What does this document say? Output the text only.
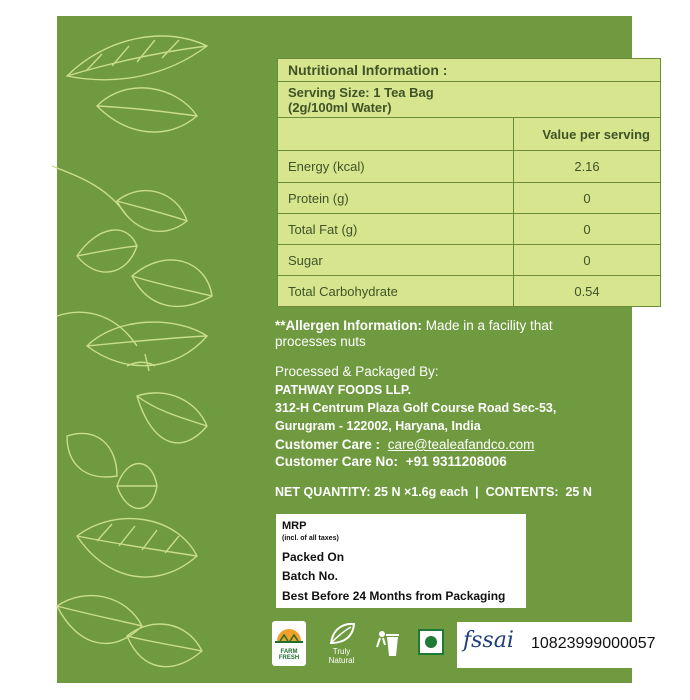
Nutritional Information :	
Serving Size: 1 Tea Bag
(2g/100ml Water)	
	Value per serving
Energy (kcal)	2.16
Protein (g)	0
Total Fat (g)	0
Sugar	0
Total Carbohydrate	0.54
**Allergen Information: Made in a facility that
processes nuts
Processed & Packaged By:
PATHWAY FOODS LLP.
312-H Centrum Plaza Golf Course Road Sec-53,
Gurugram - 122002, Haryana, India
Customer Care : care@tealeafandco.com
Customer Care No: +91 9311208006
NET QUANTITY: 25 N ×1.6g each  |  CONTENTS:  25 N
MRP
(incl. of all taxes)
Packed On
Batch No.
Best Before 24 Months from Packaging
FARM
FRESH
Truly
Natural
fssai 10823999000057
